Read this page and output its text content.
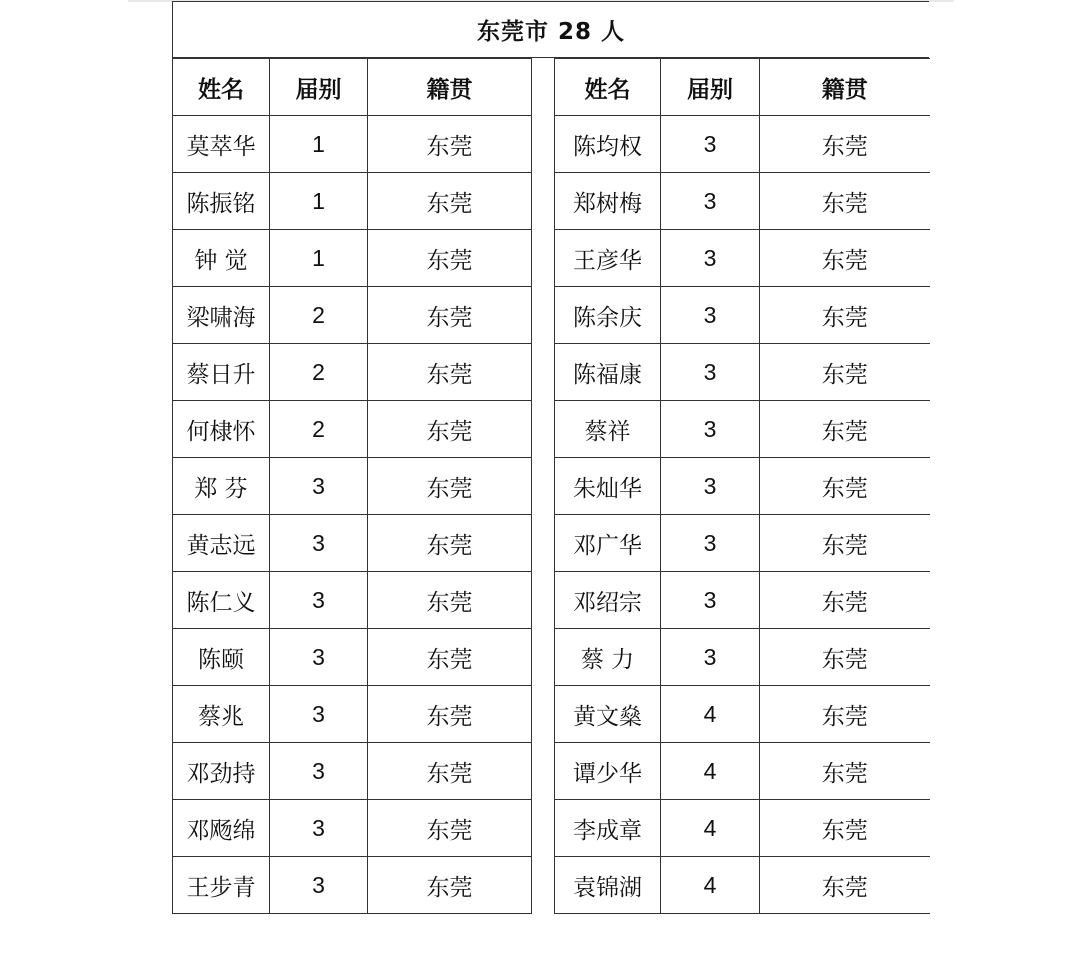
东莞市 28 人
姓名	届别	籍贯
莫萃华	1	东莞
陈振铭	1	东莞
钟 觉	1	东莞
梁啸海	2	东莞
蔡日升	2	东莞
何棣怀	2	东莞
郑 芬	3	东莞
黄志远	3	东莞
陈仁义	3	东莞
陈颐	3	东莞
蔡兆	3	东莞
邓劲持	3	东莞
邓飏绵	3	东莞
王步青	3	东莞
姓名	届别	籍贯
陈均权	3	东莞
郑树梅	3	东莞
王彦华	3	东莞
陈余庆	3	东莞
陈福康	3	东莞
蔡祥	3	东莞
朱灿华	3	东莞
邓广华	3	东莞
邓绍宗	3	东莞
蔡 力	3	东莞
黄文燊	4	东莞
谭少华	4	东莞
李成章	4	东莞
袁锦湖	4	东莞
